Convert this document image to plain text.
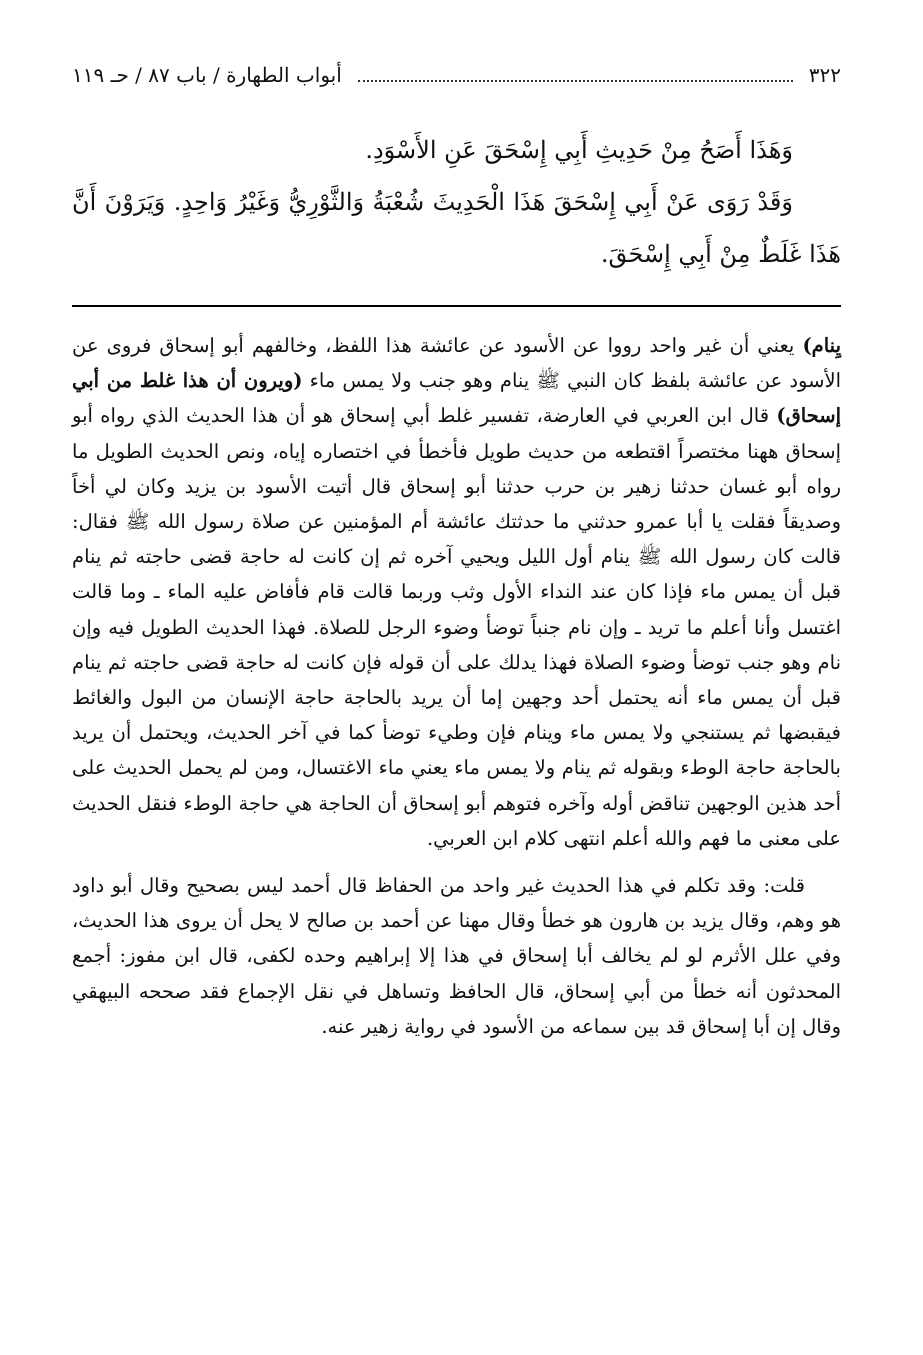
٣٢٢
أبواب الطهارة / باب ٨٧ / حـ ١١٩

وَهَذَا أَصَحُ مِنْ حَدِيثِ أَبِي إِسْحَقَ عَنِ الأَسْوَدِ.

وَقَدْ رَوَى عَنْ أَبِي إِسْحَقَ هَذَا الْحَدِيثَ شُعْبَةُ وَالثَّوْرِيُّ وَغَيْرُ وَاحِدٍ. وَيَرَوْنَ أَنَّ هَذَا غَلَطٌ مِنْ أَبِي إِسْحَقَ.

يِنام) يعني أن غير واحد رووا عن الأسود عن عائشة هذا اللفظ، وخالفهم أبو إسحاق فروى عن الأسود عن عائشة بلفظ كان النبي ﷺ ينام وهو جنب ولا يمس ماء (ويرون أن هذا غلط من أبي إسحاق) قال ابن العربي في العارضة، تفسير غلط أبي إسحاق هو أن هذا الحديث الذي رواه أبو إسحاق ههنا مختصراً اقتطعه من حديث طويل فأخطأ في اختصاره إياه، ونص الحديث الطويل ما رواه أبو غسان حدثنا زهير بن حرب حدثنا أبو إسحاق قال أتيت الأسود بن يزيد وكان لي أخاً وصديقاً فقلت يا أبا عمرو حدثني ما حدثتك عائشة أم المؤمنين عن صلاة رسول الله ﷺ فقال: قالت كان رسول الله ﷺ ينام أول الليل ويحيي آخره ثم إن كانت له حاجة قضى حاجته ثم ينام قبل أن يمس ماء فإذا كان عند النداء الأول وثب وربما قالت قام فأفاض عليه الماء ـ وما قالت اغتسل وأنا أعلم ما تريد ـ وإن نام جنباً توضأ وضوء الرجل للصلاة. فهذا الحديث الطويل فيه وإن نام وهو جنب توضأ وضوء الصلاة فهذا يدلك على أن قوله فإن كانت له حاجة قضى حاجته ثم ينام قبل أن يمس ماء أنه يحتمل أحد وجهين إما أن يريد بالحاجة حاجة الإنسان من البول والغائط فيقبضها ثم يستنجي ولا يمس ماء وينام فإن وطيء توضأ كما في آخر الحديث، ويحتمل أن يريد بالحاجة حاجة الوطء وبقوله ثم ينام ولا يمس ماء يعني ماء الاغتسال، ومن لم يحمل الحديث على أحد هذين الوجهين تناقض أوله وآخره فتوهم أبو إسحاق أن الحاجة هي حاجة الوطء فنقل الحديث على معنى ما فهم والله أعلم انتهى كلام ابن العربي.

قلت: وقد تكلم في هذا الحديث غير واحد من الحفاظ قال أحمد ليس بصحيح وقال أبو داود هو وهم، وقال يزيد بن هارون هو خطأ وقال مهنا عن أحمد بن صالح لا يحل أن يروى هذا الحديث، وفي علل الأثرم لو لم يخالف أبا إسحاق في هذا إلا إبراهيم وحده لكفى، قال ابن مفوز: أجمع المحدثون أنه خطأ من أبي إسحاق، قال الحافظ وتساهل في نقل الإجماع فقد صححه البيهقي وقال إن أبا إسحاق قد بين سماعه من الأسود في رواية زهير عنه.
